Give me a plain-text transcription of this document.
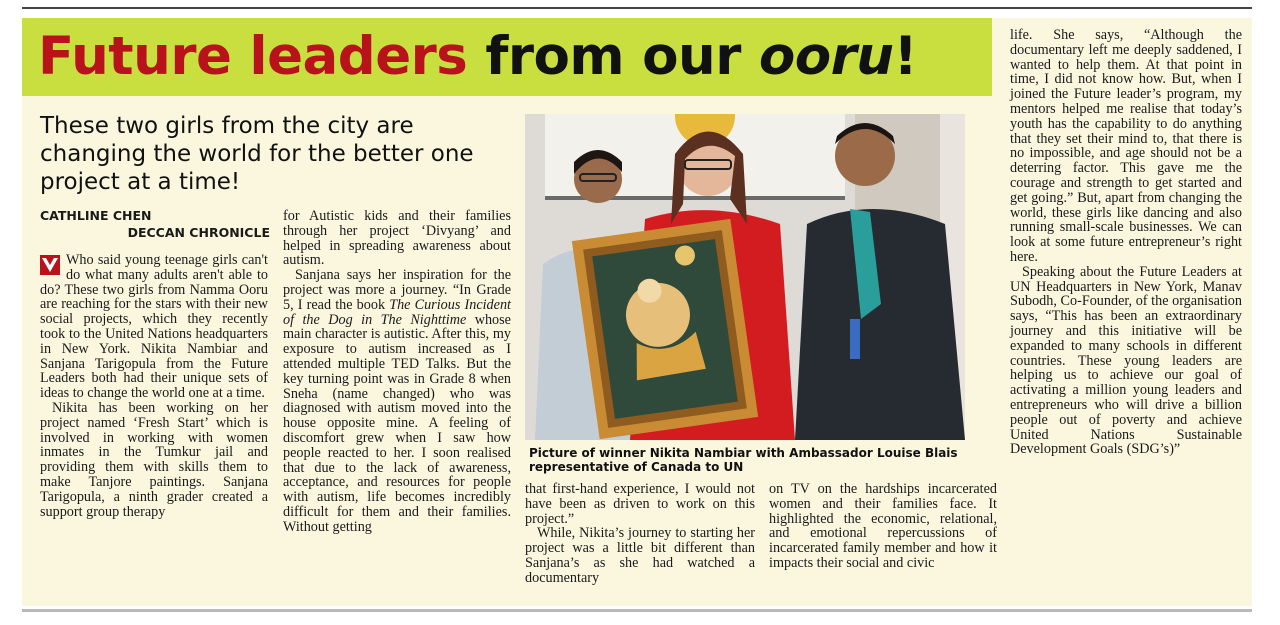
Future leaders from our ooru!
These two girls from the city are changing the world for the better one project at a time!
CATHLINE CHEN
DECCAN CHRONICLE

Who said young teenage girls can't do what many adults aren't able to do? These two girls from Namma Ooru are reaching for the stars with their new social projects, which they recently took to the United Nations headquarters in New York. Nikita Nambiar and Sanjana Tarigopula from the Future Leaders both had their unique sets of ideas to change the world one at a time.

Nikita has been working on her project named ‘Fresh Start’ which is involved in working with women inmates in the Tumkur jail and providing them with skills them to make Tanjore paintings. Sanjana Tarigopula, a ninth grader created a support group therapy

for Autistic kids and their families through her project ‘Divyang’ and helped in spreading awareness about autism.

Sanjana says her inspiration for the project was more a journey. “In Grade 5, I read the book The Curious Incident of the Dog in The Nighttime whose main character is autistic. After this, my exposure to autism increased as I attended multiple TED Talks. But the key turning point was in Grade 8 when Sneha (name changed) who was diagnosed with autism moved into the house opposite mine. A feeling of discomfort grew when I saw how people reacted to her. I soon realised that due to the lack of awareness, acceptance, and resources for people with autism, life becomes incredibly difficult for them and their families. Without getting

Picture of winner Nikita Nambiar with Ambassador Louise Blais representative of Canada to UN

that first-hand experience, I would not have been as driven to work on this project.”

While, Nikita’s journey to starting her project was a little bit different than Sanjana’s as she had watched a documentary

on TV on the hardships incarcerated women and their families face. It highlighted the economic, relational, and emotional repercussions of incarcerated family member and how it impacts their social and civic

life. She says, “Although the documentary left me deeply saddened, I wanted to help them. At that point in time, I did not know how. But, when I joined the Future leader’s program, my mentors helped me realise that today’s youth has the capability to do anything that they set their mind to, that there is no impossible, and age should not be a deterring factor. This gave me the courage and strength to get started and get going.” But, apart from changing the world, these girls like dancing and also running small-scale businesses. We can look at some future entrepreneur’s right here.

Speaking about the Future Leaders at UN Headquarters in New York, Manav Subodh, Co-Founder, of the organisation says, “This has been an extraordinary journey and this initiative will be expanded to many schools in different countries. These young leaders are helping us to achieve our goal of activating a million young leaders and entrepreneurs who will drive a billion people out of poverty and achieve United Nations Sustainable Development Goals (SDG’s)”
